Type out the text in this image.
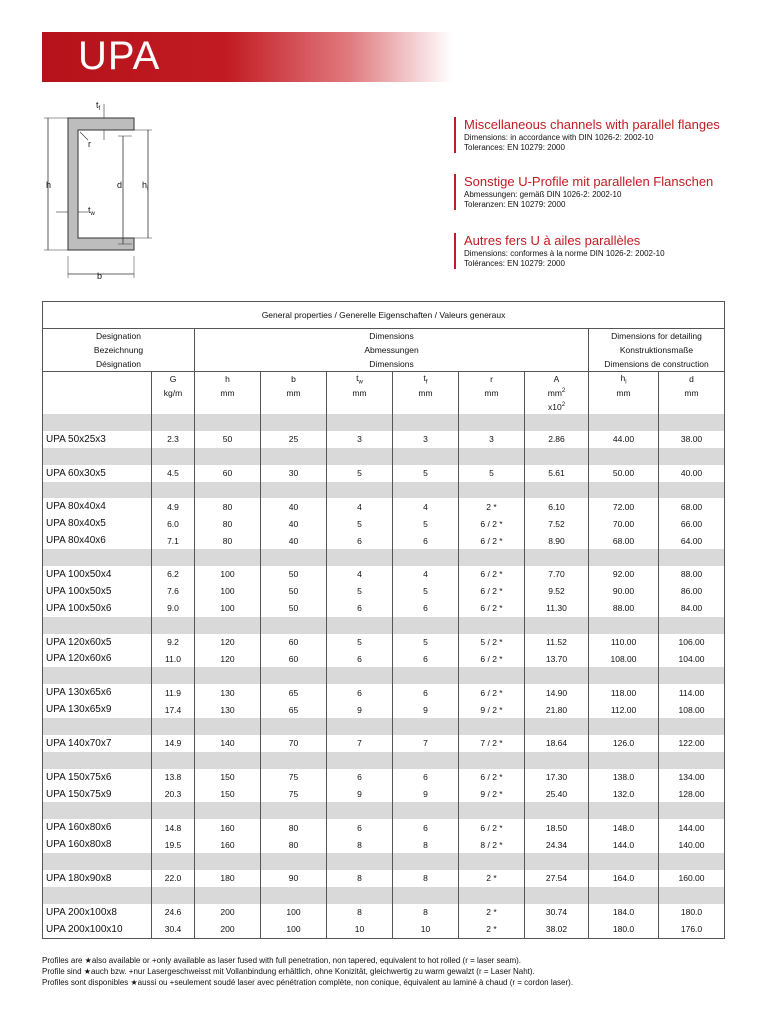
UPA
$t_f$
r
h	d $h_i$
$t_w$
b
Miscellaneous channels with parallel flanges
Dimensions: in accordance with DIN 1026-2: 2002-10
Tolerances: EN 10279: 2000
Sonstige U-Profile mit parallelen Flanschen
Abmessungen: gemäß DIN 1026-2: 2002-10
Toleranzen: EN 10279: 2000
Autres fers U à ailes parallèles
Dimensions: conformes à la norme DIN 1026-2: 2002-10
Tolérances: EN 10279: 2000
General properties / Generelle Eigenschaften / Valeurs generaux									
Designation		Dimensions						Dimensions for detailing	
Bezeichnung		Abmessungen						Konstruktionsmaße	
Désignation		Dimensions						Dimensions de construction	
	G	h	b	$t_w$	$t_f$	r	A	$h_i$	d
	kg/m	mm	mm	mm	mm	mm	$mm^2$	mm	mm
							$x10^2$		

UPA 50x25x3	2.3	50	25	3	3	3	2.86	44.00	38.00

UPA 60x30x5	4.5	60	30	5	5	5	5.61	50.00	40.00

UPA 80x40x4	4.9	80	40	4	4	2 *	6.10	72.00	68.00
UPA 80x40x5	6.0	80	40	5	5	6 / 2 *	7.52	70.00	66.00
UPA 80x40x6	7.1	80	40	6	6	6 / 2 *	8.90	68.00	64.00

UPA 100x50x4	6.2	100	50	4	4	6 / 2 *	7.70	92.00	88.00
UPA 100x50x5	7.6	100	50	5	5	6 / 2 *	9.52	90.00	86.00
UPA 100x50x6	9.0	100	50	6	6	6 / 2 *	11.30	88.00	84.00

UPA 120x60x5	9.2	120	60	5	5	5 / 2 *	11.52	110.00	106.00
UPA 120x60x6	11.0	120	60	6	6	6 / 2 *	13.70	108.00	104.00

UPA 130x65x6	11.9	130	65	6	6	6 / 2 *	14.90	118.00	114.00
UPA 130x65x9	17.4	130	65	9	9	9 / 2 *	21.80	112.00	108.00

UPA 140x70x7	14.9	140	70	7	7	7 / 2 *	18.64	126.0	122.00

UPA 150x75x6	13.8	150	75	6	6	6 / 2 *	17.30	138.0	134.00
UPA 150x75x9	20.3	150	75	9	9	9 / 2 *	25.40	132.0	128.00

UPA 160x80x6	14.8	160	80	6	6	6 / 2 *	18.50	148.0	144.00
UPA 160x80x8	19.5	160	80	8	8	8 / 2 *	24.34	144.0	140.00

UPA 180x90x8	22.0	180	90	8	8	2 *	27.54	164.0	160.00

UPA 200x100x8	24.6	200	100	8	8	2 *	30.74	184.0	180.0
UPA 200x100x10	30.4	200	100	10	10	2 *	38.02	180.0	176.0
Profiles are ★also available or +only available as laser fused with full penetration, non tapered, equivalent to hot rolled (r = laser seam).
Profile sind ★auch bzw. +nur Lasergeschweisst mit Vollanbindung erhältlich, ohne Konizität, gleichwertig zu warm gewalzt (r = Laser Naht).
Profiles sont disponibles ★aussi ou +seulement soudé laser avec pénétration complète, non conique, équivalent au laminé à chaud (r = cordon laser).
